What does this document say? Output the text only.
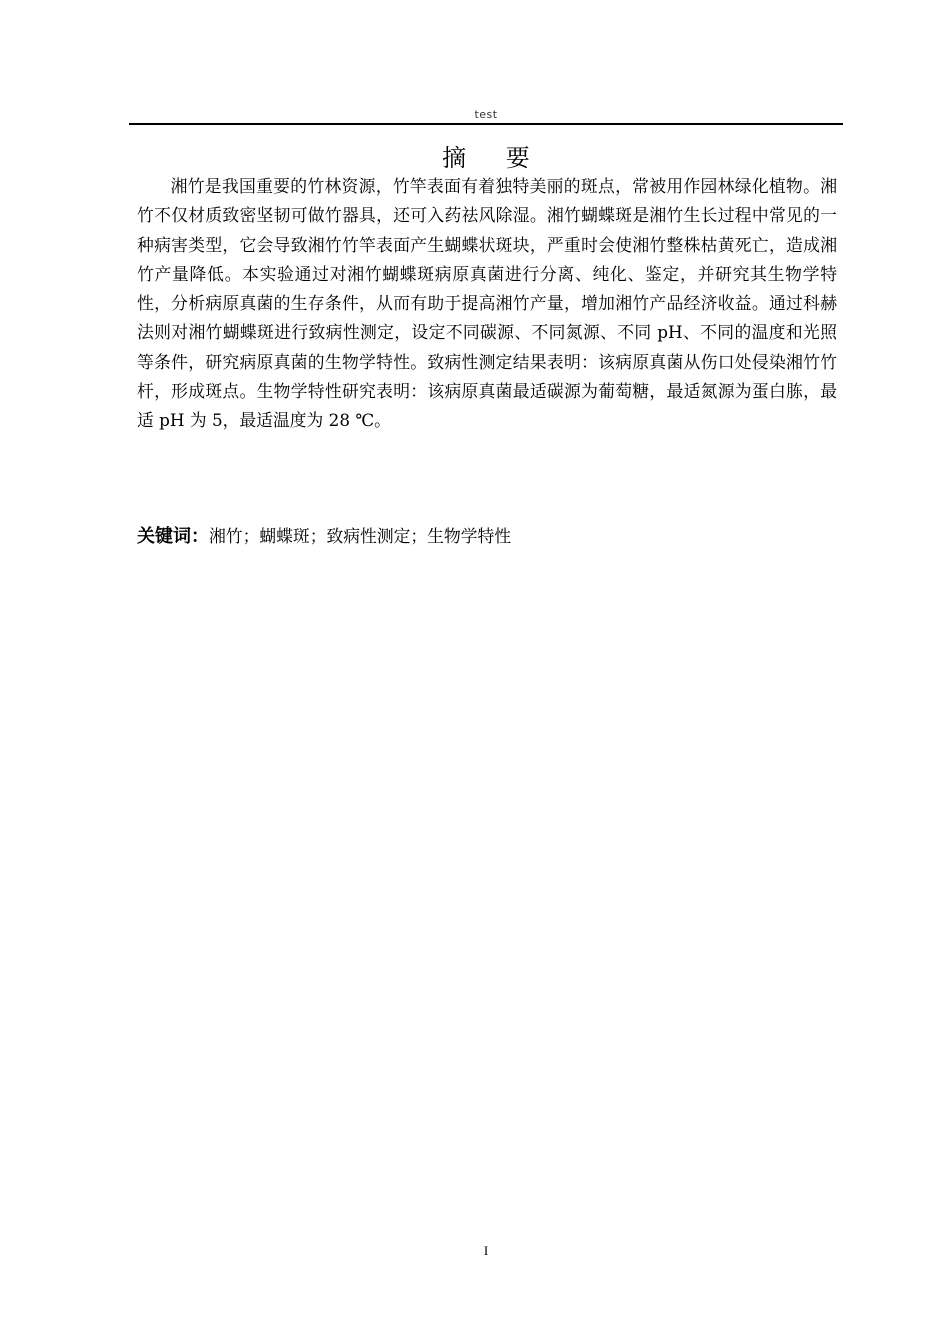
test
摘 要

湘竹是我国重要的竹林资源，竹竿表面有着独特美丽的斑点，常被用作园林绿化植物。湘竹不仅材质致密坚韧可做竹器具，还可入药祛风除湿。湘竹蝴蝶斑是湘竹生长过程中常见的一种病害类型，它会导致湘竹竹竿表面产生蝴蝶状斑块，严重时会使湘竹整株枯黄死亡，造成湘竹产量降低。本实验通过对湘竹蝴蝶斑病原真菌进行分离、纯化、鉴定，并研究其生物学特性，分析病原真菌的生存条件，从而有助于提高湘竹产量，增加湘竹产品经济收益。通过科赫法则对湘竹蝴蝶斑进行致病性测定，设定不同碳源、不同氮源、不同 pH、不同的温度和光照等条件，研究病原真菌的生物学特性。致病性测定结果表明：该病原真菌从伤口处侵染湘竹竹杆，形成斑点。生物学特性研究表明：该病原真菌最适碳源为葡萄糖，最适氮源为蛋白胨，最适 pH 为 5，最适温度为 28 ℃。

关键词：湘竹；蝴蝶斑；致病性测定；生物学特性
I
